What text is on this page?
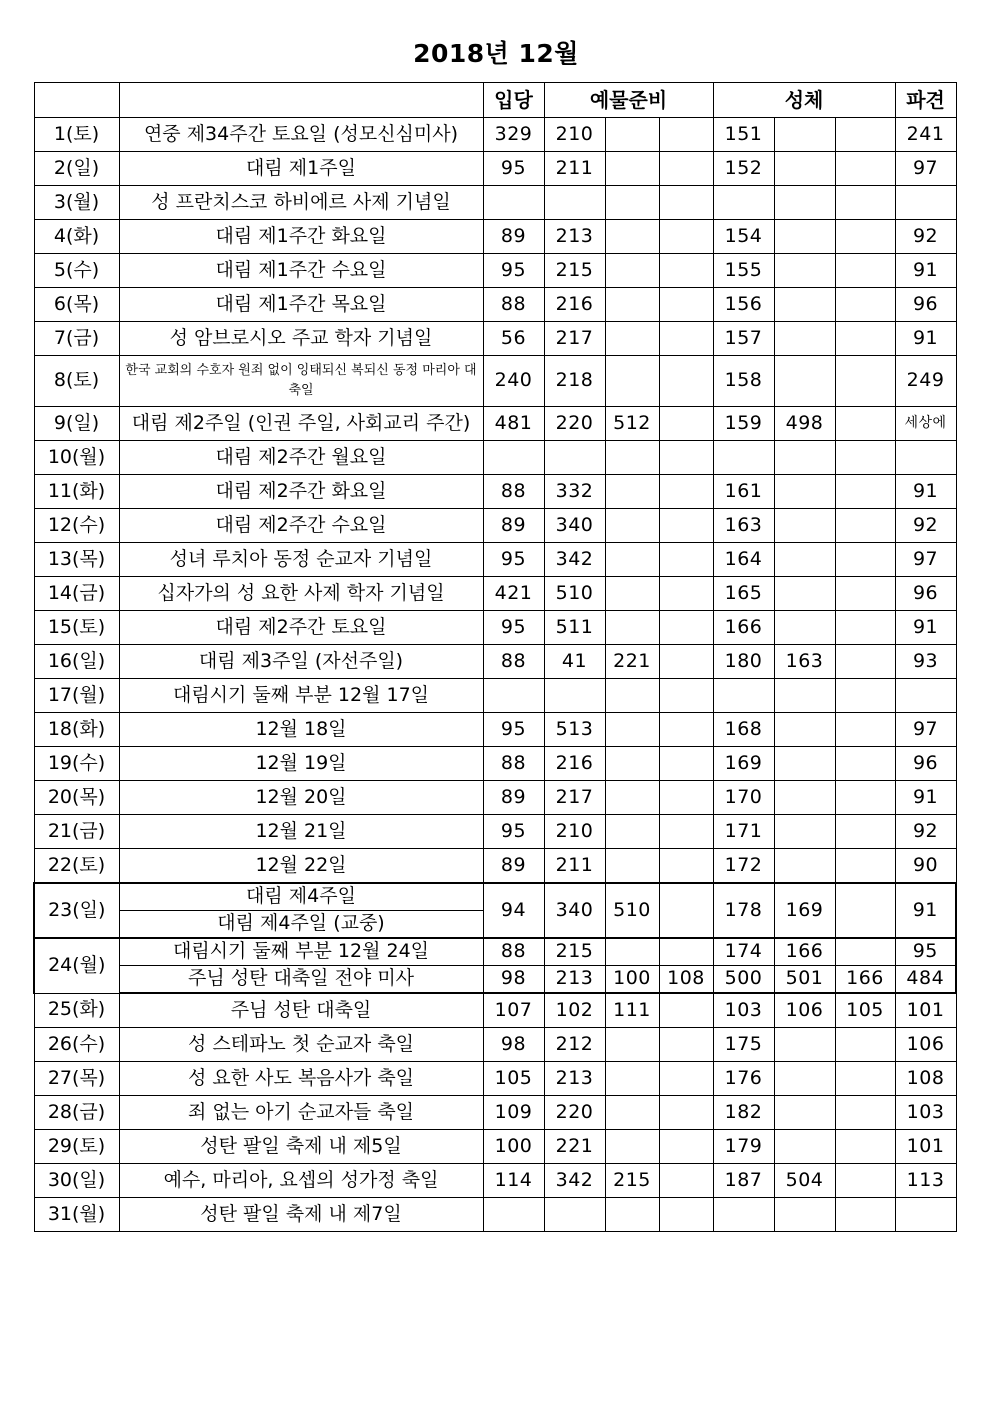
2018년 12월
		입당	예물준비			성체			파견
1(토)	연중 제34주간 토요일 (성모신심미사)	329	210			151			241
2(일)	대림 제1주일	95	211			152			97
3(월)	성 프란치스코 하비에르 사제 기념일								
4(화)	대림 제1주간 화요일	89	213			154			92
5(수)	대림 제1주간 수요일	95	215			155			91
6(목)	대림 제1주간 목요일	88	216			156			96
7(금)	성 암브로시오 주교 학자 기념일	56	217			157			91
8(토)	한국 교회의 수호자 원죄 없이 잉태되신 복되신 동정 마리아 대축일	240	218			158			249
9(일)	대림 제2주일 (인권 주일, 사회교리 주간)	481	220	512		159	498		세상에
10(월)	대림 제2주간 월요일								
11(화)	대림 제2주간 화요일	88	332			161			91
12(수)	대림 제2주간 수요일	89	340			163			92
13(목)	성녀 루치아 동정 순교자 기념일	95	342			164			97
14(금)	십자가의 성 요한 사제 학자 기념일	421	510			165			96
15(토)	대림 제2주간 토요일	95	511			166			91
16(일)	대림 제3주일 (자선주일)	88	41	221		180	163		93
17(월)	대림시기 둘째 부분 12월 17일								
18(화)	12월 18일	95	513			168			97
19(수)	12월 19일	88	216			169			96
20(목)	12월 20일	89	217			170			91
21(금)	12월 21일	95	210			171			92
22(토)	12월 22일	89	211			172			90
23(일)	대림 제4주일	94	340	510		178	169		91
	대림 제4주일 (교중)								
24(월)	대림시기 둘째 부분 12월 24일	88	215			174	166		95
	주님 성탄 대축일 전야 미사	98	213	100	108	500	501	166	484
25(화)	주님 성탄 대축일	107	102	111		103	106	105	101
26(수)	성 스테파노 첫 순교자 축일	98	212			175			106
27(목)	성 요한 사도 복음사가 축일	105	213			176			108
28(금)	죄 없는 아기 순교자들 축일	109	220			182			103
29(토)	성탄 팔일 축제 내 제5일	100	221			179			101
30(일)	예수, 마리아, 요셉의 성가정 축일	114	342	215		187	504		113
31(월)	성탄 팔일 축제 내 제7일								
